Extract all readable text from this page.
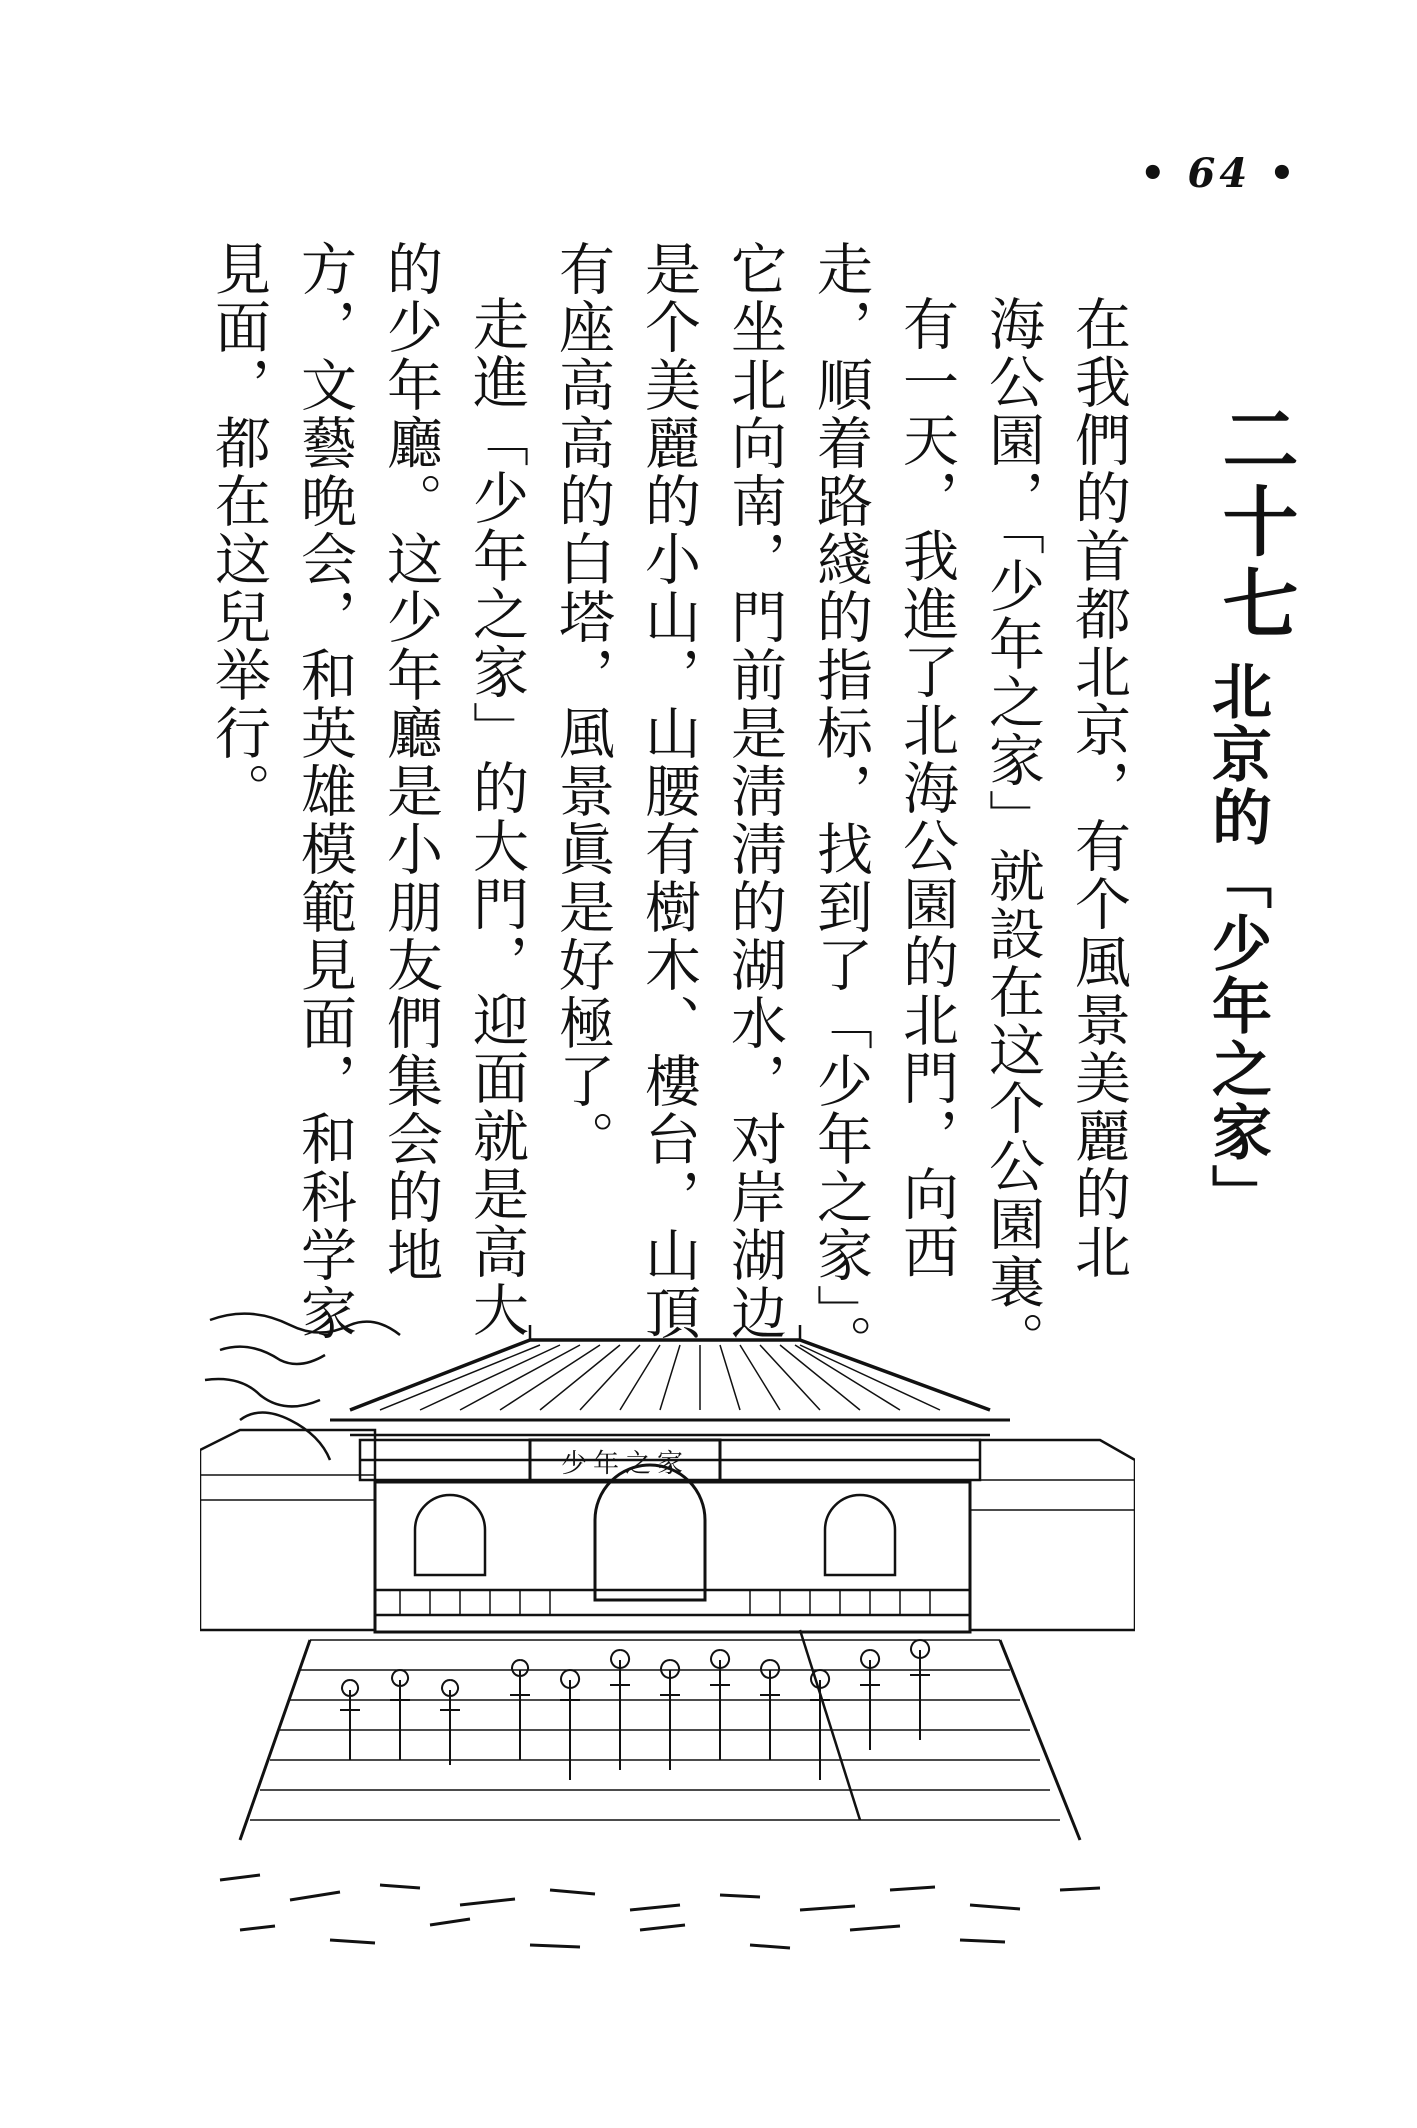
• 64 •
二十七
北京的「少年之家」
在我們的首都北京，有个風景美麗的北
海公園，「少年之家」就設在这个公園裏。
有一天，我進了北海公園的北門，向西
走，順着路綫的指标，找到了「少年之家」。
它坐北向南，門前是淸淸的湖水，对岸湖边
是个美麗的小山，山腰有樹木、樓台，山頂
有座高高的白塔，風景眞是好極了。
走進「少年之家」的大門，迎面就是高大
的少年廳。这少年廳是小朋友們集会的地
方，文藝晚会，和英雄模範見面，和科学家
見面，都在这兒举行。
少年之家
